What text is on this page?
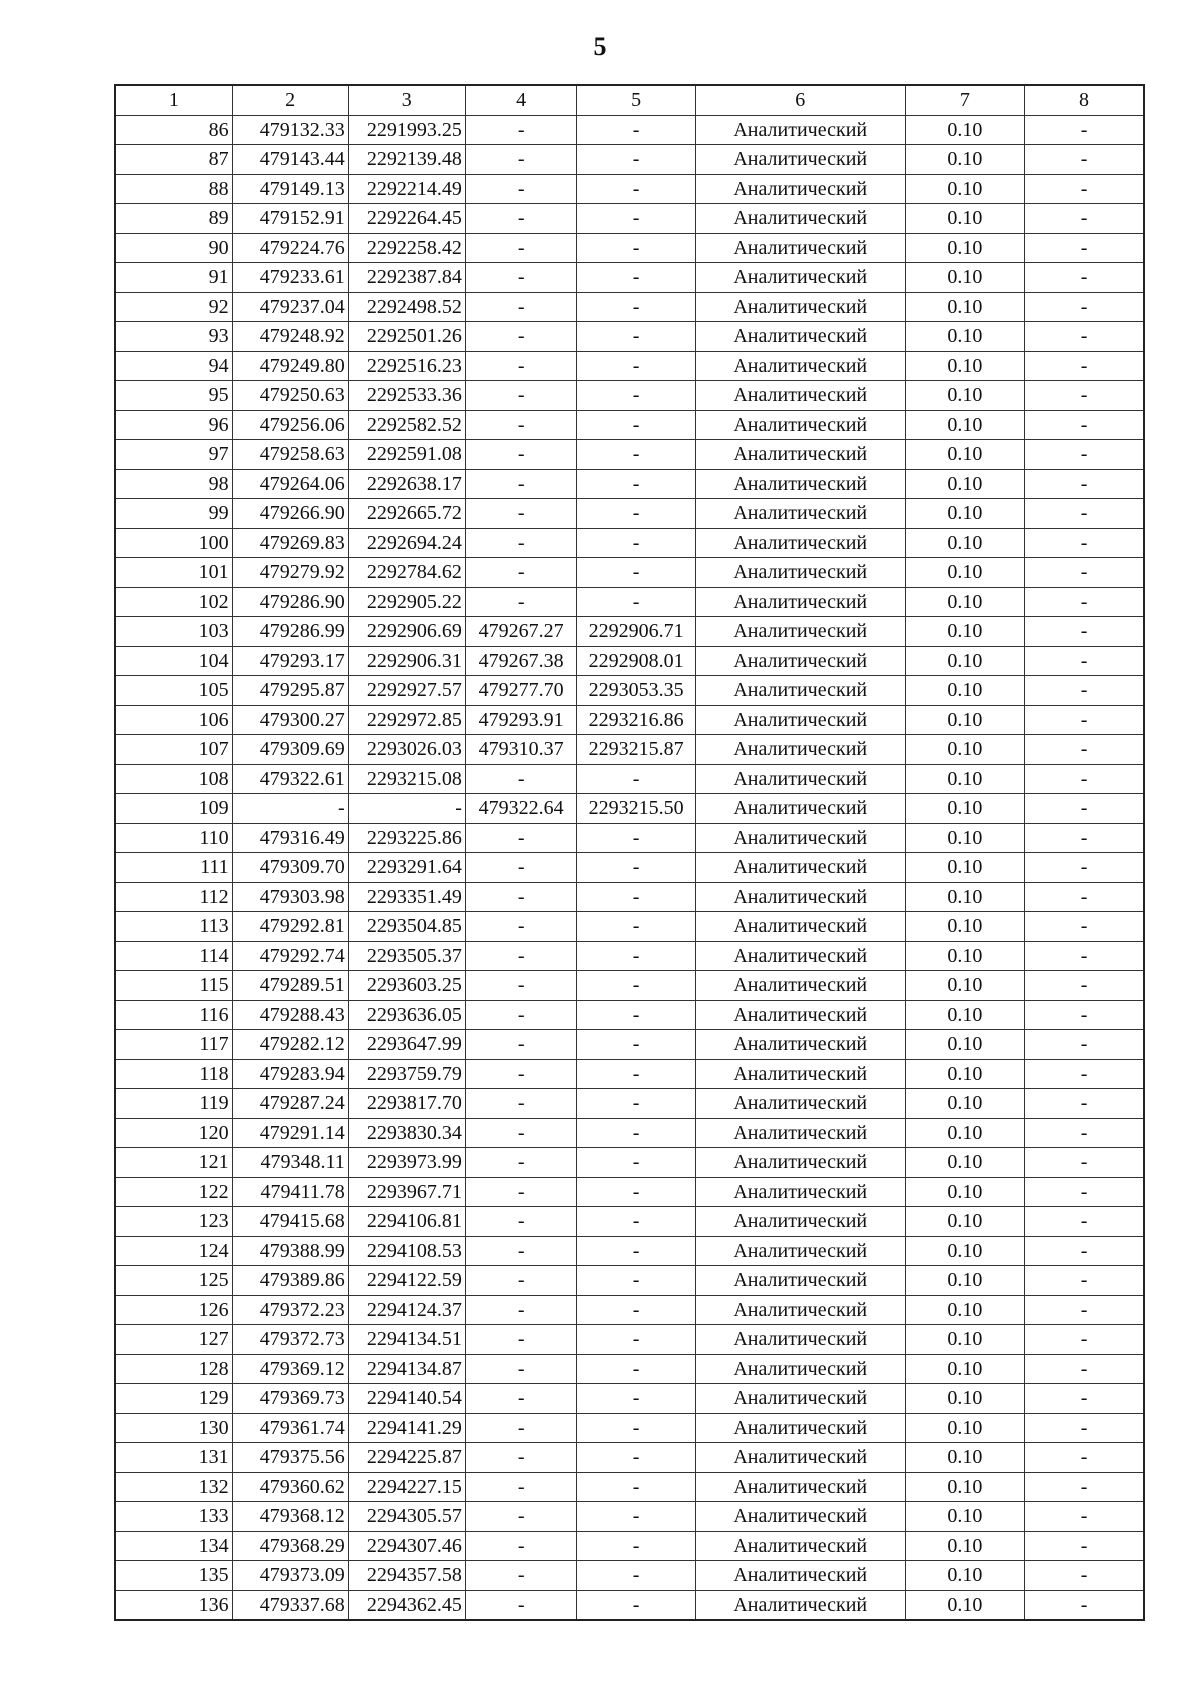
5
1	2	3	4	5	6	7	8
86	479132.33	2291993.25	-	-	Аналитический	0.10	-
87	479143.44	2292139.48	-	-	Аналитический	0.10	-
88	479149.13	2292214.49	-	-	Аналитический	0.10	-
89	479152.91	2292264.45	-	-	Аналитический	0.10	-
90	479224.76	2292258.42	-	-	Аналитический	0.10	-
91	479233.61	2292387.84	-	-	Аналитический	0.10	-
92	479237.04	2292498.52	-	-	Аналитический	0.10	-
93	479248.92	2292501.26	-	-	Аналитический	0.10	-
94	479249.80	2292516.23	-	-	Аналитический	0.10	-
95	479250.63	2292533.36	-	-	Аналитический	0.10	-
96	479256.06	2292582.52	-	-	Аналитический	0.10	-
97	479258.63	2292591.08	-	-	Аналитический	0.10	-
98	479264.06	2292638.17	-	-	Аналитический	0.10	-
99	479266.90	2292665.72	-	-	Аналитический	0.10	-
100	479269.83	2292694.24	-	-	Аналитический	0.10	-
101	479279.92	2292784.62	-	-	Аналитический	0.10	-
102	479286.90	2292905.22	-	-	Аналитический	0.10	-
103	479286.99	2292906.69	479267.27	2292906.71	Аналитический	0.10	-
104	479293.17	2292906.31	479267.38	2292908.01	Аналитический	0.10	-
105	479295.87	2292927.57	479277.70	2293053.35	Аналитический	0.10	-
106	479300.27	2292972.85	479293.91	2293216.86	Аналитический	0.10	-
107	479309.69	2293026.03	479310.37	2293215.87	Аналитический	0.10	-
108	479322.61	2293215.08	-	-	Аналитический	0.10	-
109	-	-	479322.64	2293215.50	Аналитический	0.10	-
110	479316.49	2293225.86	-	-	Аналитический	0.10	-
111	479309.70	2293291.64	-	-	Аналитический	0.10	-
112	479303.98	2293351.49	-	-	Аналитический	0.10	-
113	479292.81	2293504.85	-	-	Аналитический	0.10	-
114	479292.74	2293505.37	-	-	Аналитический	0.10	-
115	479289.51	2293603.25	-	-	Аналитический	0.10	-
116	479288.43	2293636.05	-	-	Аналитический	0.10	-
117	479282.12	2293647.99	-	-	Аналитический	0.10	-
118	479283.94	2293759.79	-	-	Аналитический	0.10	-
119	479287.24	2293817.70	-	-	Аналитический	0.10	-
120	479291.14	2293830.34	-	-	Аналитический	0.10	-
121	479348.11	2293973.99	-	-	Аналитический	0.10	-
122	479411.78	2293967.71	-	-	Аналитический	0.10	-
123	479415.68	2294106.81	-	-	Аналитический	0.10	-
124	479388.99	2294108.53	-	-	Аналитический	0.10	-
125	479389.86	2294122.59	-	-	Аналитический	0.10	-
126	479372.23	2294124.37	-	-	Аналитический	0.10	-
127	479372.73	2294134.51	-	-	Аналитический	0.10	-
128	479369.12	2294134.87	-	-	Аналитический	0.10	-
129	479369.73	2294140.54	-	-	Аналитический	0.10	-
130	479361.74	2294141.29	-	-	Аналитический	0.10	-
131	479375.56	2294225.87	-	-	Аналитический	0.10	-
132	479360.62	2294227.15	-	-	Аналитический	0.10	-
133	479368.12	2294305.57	-	-	Аналитический	0.10	-
134	479368.29	2294307.46	-	-	Аналитический	0.10	-
135	479373.09	2294357.58	-	-	Аналитический	0.10	-
136	479337.68	2294362.45	-	-	Аналитический	0.10	-
